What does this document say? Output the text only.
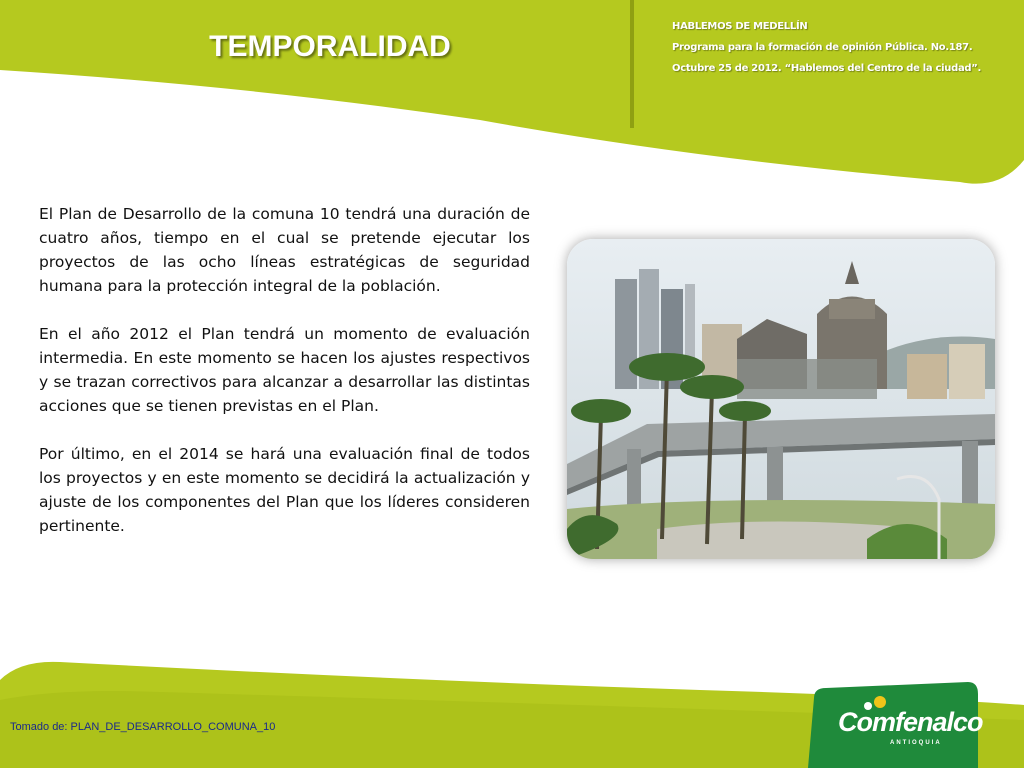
TEMPORALIDAD
HABLEMOS DE MEDELLÍN
Programa para la formación de opinión Pública. No.187.
Octubre 25 de 2012. “Hablemos del Centro de la ciudad”.

El Plan de Desarrollo de la comuna 10 tendrá una duración de cuatro años, tiempo en el cual se pretende ejecutar los proyectos de las ocho líneas estratégicas de seguridad humana para la protección integral de la población.

En el año 2012 el Plan tendrá un momento de evaluación intermedia. En este momento se hacen los ajustes respectivos y se trazan correctivos para alcanzar a desarrollar las distintas acciones que se tienen previstas en el Plan.

Por último, en el 2014 se hará una evaluación final de todos los proyectos y en este momento se decidirá la actualización y ajuste de los componentes del Plan que los líderes consideren pertinente.

Tomado de: PLAN_DE_DESARROLLO_COMUNA_10	Comfenalco
ANTIOQUIA
